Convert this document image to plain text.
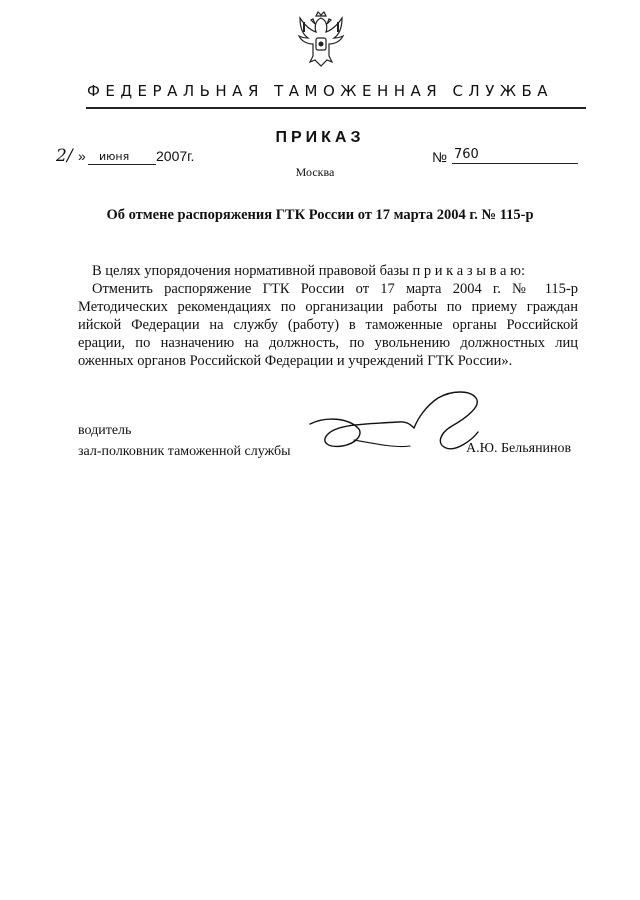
ФЕДЕРАЛЬНАЯ ТАМОЖЕННАЯ СЛУЖБА
ПРИКАЗ
2/ »	июня	2007г.	№ 760
Москва
Об отмене распоряжения ГТК России от 17 марта 2004 г. № 115-р
В целях упорядочения нормативной правовой базы п р и к а з ы в а ю:
Отменить распоряжение ГТК России от 17 марта 2004 г. № 115-р
Методических рекомендациях по организации работы по приему граждан
ийской Федерации на службу (работу) в таможенные органы Российской
ерации, по назначению на должность, по увольнению должностных лиц
оженных органов Российской Федерации и учреждений ГТК России».
водитель
зал-полковник таможенной службы	А.Ю. Бельянинов
